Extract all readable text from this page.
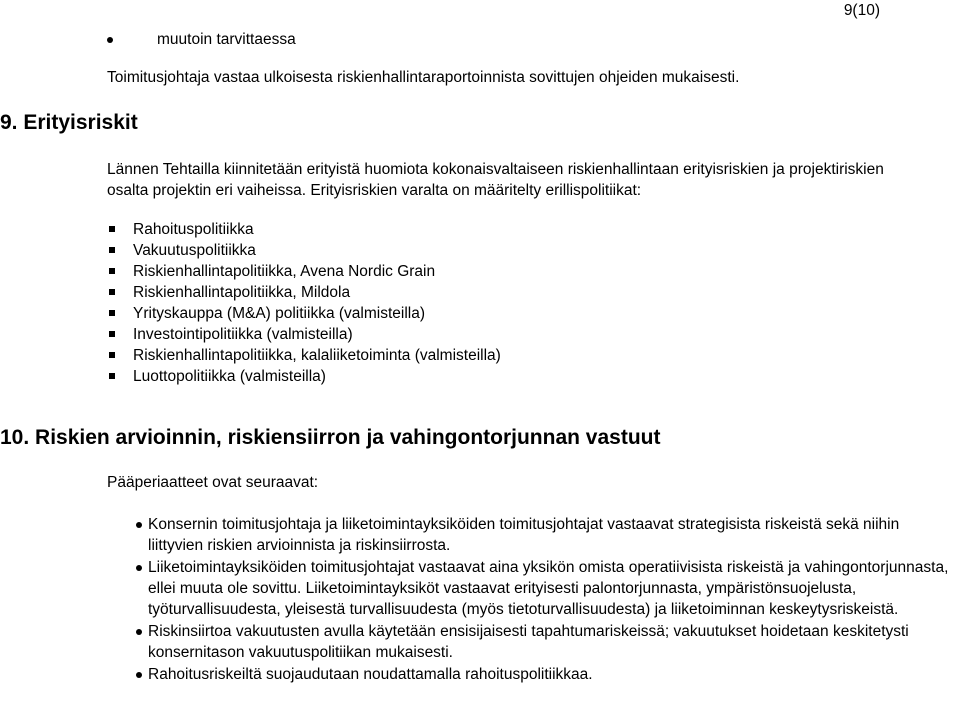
9(10)
muutoin tarvittaessa
Toimitusjohtaja vastaa ulkoisesta riskienhallintaraportoinnista sovittujen ohjeiden mukaisesti.
9. Erityisriskit
Lännen Tehtailla kiinnitetään erityistä huomiota kokonaisvaltaiseen riskienhallintaan erityisriskien ja projektiriskien osalta projektin eri vaiheissa. Erityisriskien varalta on määritelty erillispolitiikat:
Rahoituspolitiikka
Vakuutuspolitiikka
Riskienhallintapolitiikka, Avena Nordic Grain
Riskienhallintapolitiikka, Mildola
Yrityskauppa (M&A) politiikka (valmisteilla)
Investointipolitiikka (valmisteilla)
Riskienhallintapolitiikka, kalaliiketoiminta (valmisteilla)
Luottopolitiikka (valmisteilla)
10. Riskien arvioinnin, riskiensiirron ja vahingontorjunnan vastuut
Pääperiaatteet ovat seuraavat:
Konsernin toimitusjohtaja ja liiketoimintayksiköiden toimitusjohtajat vastaavat strategisista riskeistä sekä niihin liittyvien riskien arvioinnista ja riskinsiirrosta.
Liiketoimintayksiköiden toimitusjohtajat vastaavat aina yksikön omista operatiivisista riskeistä ja vahingontorjunnasta, ellei muuta ole sovittu. Liiketoimintayksiköt vastaavat erityisesti palontorjunnasta, ympäristönsuojelusta, työturvallisuudesta, yleisestä turvallisuudesta (myös tietoturvallisuudesta) ja liiketoiminnan keskeytysriskeistä.
Riskinsiirtoa vakuutusten avulla käytetään ensisijaisesti tapahtumariskeissä; vakuutukset hoidetaan keskitetysti konsernitason vakuutuspolitiikan mukaisesti.
Rahoitusriskeiltä suojaudutaan noudattamalla rahoituspolitiikkaa.
